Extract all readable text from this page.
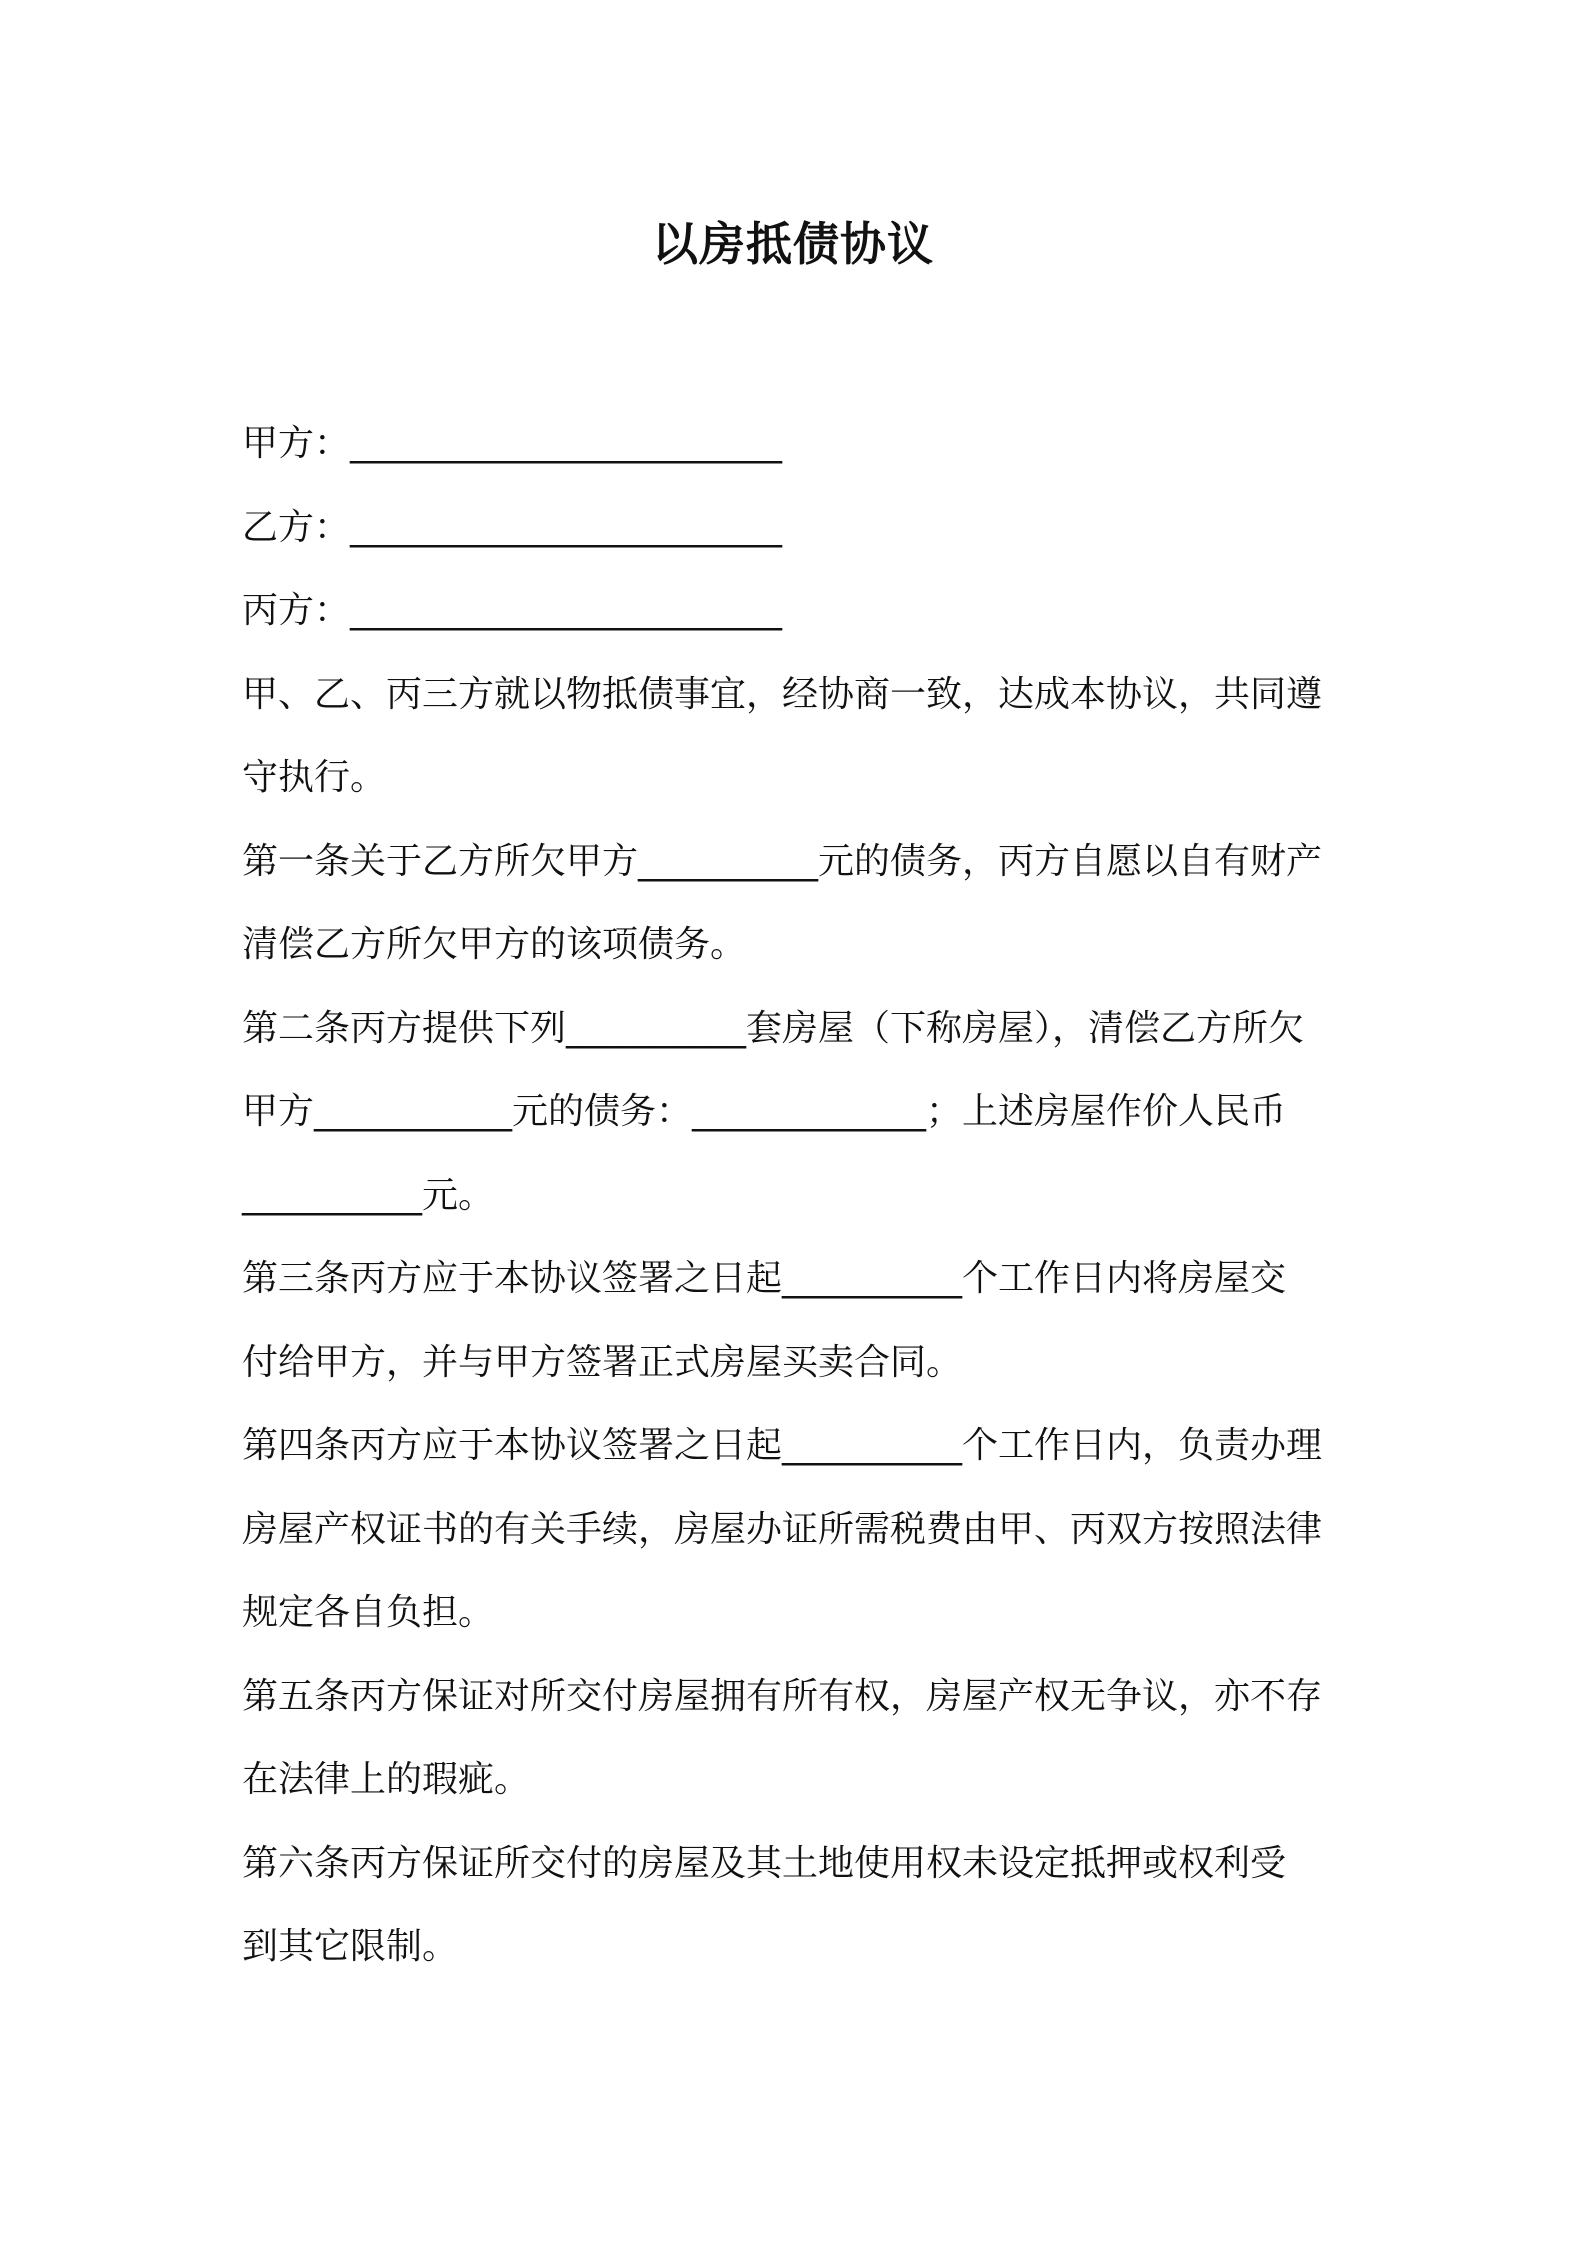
以房抵债协议
甲方：________________________
乙方：________________________
丙方：________________________
甲、乙、丙三方就以物抵债事宜，经协商一致，达成本协议，共同遵
守执行。
第一条关于乙方所欠甲方__________元的债务，丙方自愿以自有财产
清偿乙方所欠甲方的该项债务。
第二条丙方提供下列__________套房屋（下称房屋），清偿乙方所欠
甲方___________元的债务：_____________；上述房屋作价人民币
__________元。
第三条丙方应于本协议签署之日起__________个工作日内将房屋交
付给甲方，并与甲方签署正式房屋买卖合同。
第四条丙方应于本协议签署之日起__________个工作日内，负责办理
房屋产权证书的有关手续，房屋办证所需税费由甲、丙双方按照法律
规定各自负担。
第五条丙方保证对所交付房屋拥有所有权，房屋产权无争议，亦不存
在法律上的瑕疵。
第六条丙方保证所交付的房屋及其土地使用权未设定抵押或权利受
到其它限制。
